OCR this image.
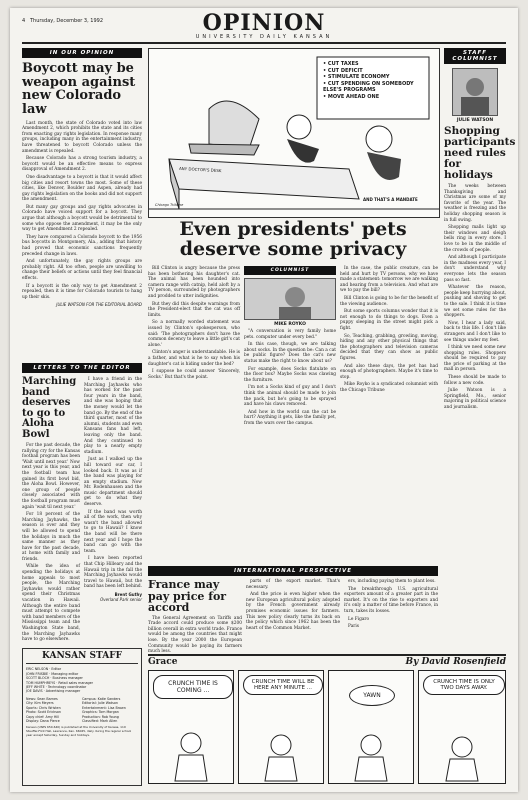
4 Thursday, December 3, 1992	OPINION
UNIVERSITY DAILY KANSAN
IN OUR OPINION
Boycott may be weapon against new Colorado law

Last month, the state of Colorado voted into law Amendment 2, which prohibits the state and its cities from enacting gay rights legislation. In response many groups, including many in the entertainment industry, have threatened to boycott Colorado unless the amendment is repealed.

Because Colorado has a strong tourism industry, a boycott would be an effective means to express disapproval of Amendment 2.

One disadvantage to a boycott is that it would affect big cities and resort towns the most. Some of these cities, like Denver, Boulder and Aspen, already had gay rights legislation on the books and did not support the amendment.

But many gay groups and gay rights advocates in Colorado have voiced support for a boycott. They argue that although a boycott would be detrimental to some who oppose the amendment, it may be the only way to get Amendment 2 repealed.

They have compared a Colorado boycott to the 1956 bus boycotts in Montgomery, Ala., adding that history had proved that economic sanctions frequently preceded change in laws.

And unfortunately, the gay rights groups are probably right. All too often, people are unwilling to change their beliefs or actions until they feel financial effects.

If a boycott is the only way to get Amendment 2 repealed, then it is time for Colorado tourists to hang up their skis.

JULIE WATSON FOR THE EDITORIAL BOARD
LETTERS TO THE EDITOR
Marching band deserves to go to Aloha Bowl

For the past decade, the rallying cry for the Kansas football program has been 'Wait until next year.' Now next year is this year, and the football team has gained its first bowl bid, the Aloha Bowl. However, one group of people closely associated with the football program must again 'wait til next year.'

For 18 percent of the Marching Jayhawks, the season is over and they will be allowed to spend the holidays in much the same manner as they have for the past decade, at home with family and friends.

While the idea of spending the holidays at home appeals to most people, the Marching Jayhawks would rather spend their Christmas vacation in Hawaii. Although the entire band must attempt to compete with band members of the Mississippi team and the Washington State band, the Marching Jayhawks have to go elsewhere.

I have a friend in the Marching Jayhawks who has worked for the past four years in the band, and she was hoping that the money would let the band go. By the end of the third quarter, most of the alumni, students and even Kansans fans had left, leaving only the band. And they continued to play to a nearly empty stadium.

Just as I walked up the hill toward our car, I looked back. It was as if the band was playing for an empty stadium. Now Mr. Rodenhausen and the music department should get to do what they deserve.

If the band was worth all of the work, then why wasn't the band allowed to go to Hawaii? I know the band will be there next year and I hope the band can go with the team.

I have been reported that Chip Hilleary and the Hawaii trip in the fall the Marching Jayhawks would travel to Hawaii, but the band has been left behind.

Brent Guthy
Overland Park senior
KANSAN STAFF
ERIC NELSON · Editor
JOHN FRISBIE · Managing editor
SCOTT BLOCH · Business manager
TOM HUMPHREYS · Retail sales manager
JEFF WHITE · Technology coordinator
JOE DAVIS · Advertising manager
News: Sean Barnes	Campus: Katie Sanders
City: Kim Meyers	Editorial: Julie Watson
Sports: Chris Wristen	Entertainment: Lisa Brown
Photo: Scott Erickson	Graphics: Tom Morgan
Copy chief: Amy Hill	Production: Rob Young
Display: Dana Pierce	Classified: Mark Allen
Kansan (USPS 650-640) is published at the University of Kansas, 119 Stauffer-Flint Hall, Lawrence, Kan. 66045, daily during the regular school year except Saturday, Sunday and holidays.
• CUT TAXES
• CUT DEFICIT
• STIMULATE ECONOMY
• CUT SPENDING ON SOMEBODY ELSE'S PROGRAMS
• MOVE AHEAD ONE
ANY DOCTOR'S DESK
AND THAT'S A MANDATE
Chicago Tribune
Even presidents' pets deserve some privacy

Bill Clinton is angry because the press has been bothering his daughter's cat. The animal has been hounded into camera range with catnip, held aloft by a TV person, surrounded by photographers and prodded to utter indignities.

But they did this despite warnings from the President-elect that the cat was off limits.

So a normally worded statement was issued by Clinton's spokesperson, who said: 'The photographers don't have the common decency to leave a little girl's cat alone.'

Clinton's anger is understandable. He is a father, and what is he to say when his daughter's cat is hiding under the bed?

I suppose he could answer 'Sincerely, Socks.' But that's the point.

COLUMNIST
MIKE ROYKO

"A conversation is very family home pets. computer under every bed."

In this case, though, we are talking about socks. In the question be: Can a cat be public figure? Does the cat's new status make the right to know about us?

For example, does Socks flatulate on the floor box? Maybe Socks was clawing the furniture.

I'm not a Socks kind of guy and I don't think the animal should be made to join the pack, but he's going to be sprayed and have his claws removed.

And how in the world can the cat be hurt? Anything it gets, like the family pet, from the wars over the campus.

In the case, the public creature, can be held and hurt by TV persons, why we have made a statement: tomorrow we are walking and hearing from a television. And what are we to pay the bill?

Bill Clinton is going to be for the benefit of the viewing audience.

But some sports columns wonder that it is not enough to do things to dogs. Even a puppy sleeping in the street might pick a fight.

So, Teaching, grabbing, growling, moving, hiding and any other physical things that the photographers and television cameras decided that they can show as public figures.

And also these days, the pet has had enough of photographers. Maybe it's time to stop.

Mike Royko is a syndicated columnist with the Chicago Tribune

INTERNATIONAL PERSPECTIVE
France may pay price for accord

The General Agreement on Tariffs and Trade accord could produce some $200 billion overall in extra world trade. France would be among the countries that might lose. By the year 2000 the European Community would be paying its farmers much less.

parts of the export market. That's necessary.

And the price is even higher when the new European agricultural policy adopted by the French government already promises economic issues for farmers. This new policy clearly turns its back on the policy which since 1962 has been the heart of the Common Market.

ers, including paying them to plant less.

The breakthrough U.S. agricultural exporters amount of a greater part in the market. It's on the rise to exporters and it's only a matter of time before France, in turn, takes its losses.

Le Figaro

Paris

STAFF COLUMNIST
JULIE WATSON
Shopping participants need rules for holidays

The weeks between Thanksgiving and Christmas are some of my favorite of the year. The weather is freezing and the holiday shopping season is in full swing.

Shopping malls light up their windows and sleigh bells ring in every store. I love to be in the middle of the crowds of people.

And although I participate in the madness every year, I don't understand why everyone lets the season pass so fast.

Whatever the reason, people keep hurrying about, pushing and shoving to get to the sale. I think it is time we set some rules for the shoppers.

Now, I hear a lady said, back to this life. I don't like strangers and I don't like to see things under my feet.

I think we need some new shopping rules. Shoppers should be required to pay the price of parking at the mall in person.

These should be made to follow a new code.

Julie Watson is a Springfield, Mo., senior majoring in political science and journalism.

Grace	By David Rosenfield
CRUNCH TIME IS COMING ...
CRUNCH TIME WILL BE HERE ANY MINUTE ...
YAWN
CRUNCH TIME IS ONLY TWO DAYS AWAY.
